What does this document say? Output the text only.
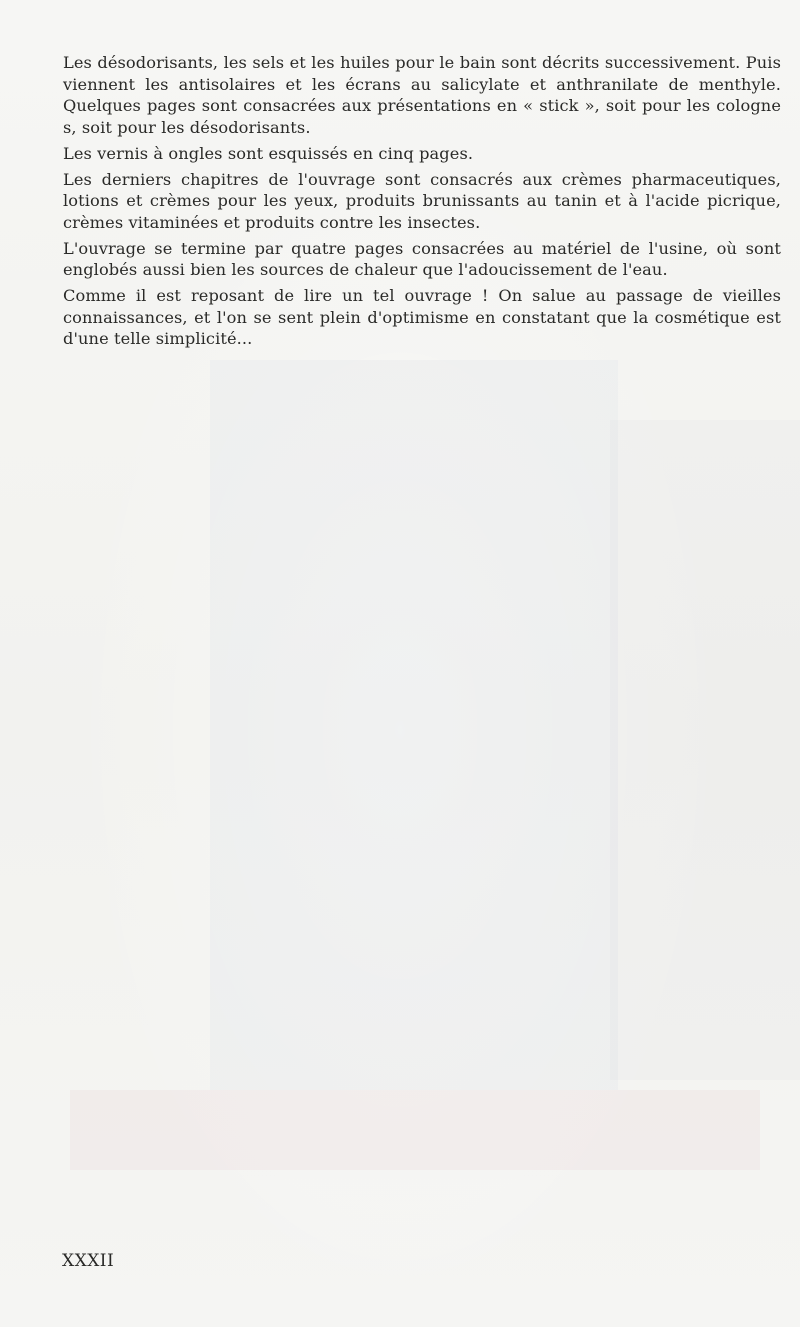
Les désodorisants, les sels et les huiles pour le bain sont décrits successivement. Puis viennent les antisolaires et les écrans au salicylate et anthranilate de menthyle. Quelques pages sont consacrées aux présentations en « stick », soit pour les cologne s, soit pour les désodorisants.

Les vernis à ongles sont esquissés en cinq pages.

Les derniers chapitres de l'ouvrage sont consacrés aux crèmes pharmaceutiques, lotions et crèmes pour les yeux, produits brunissants au tanin et à l'acide picrique, crèmes vitaminées et produits contre les insectes.

L'ouvrage se termine par quatre pages consacrées au matériel de l'usine, où sont englobés aussi bien les sources de chaleur que l'adoucissement de l'eau.

Comme il est reposant de lire un tel ouvrage ! On salue au passage de vieilles connaissances, et l'on se sent plein d'optimisme en constatant que la cosmétique est d'une telle simplicité...

XXXII
